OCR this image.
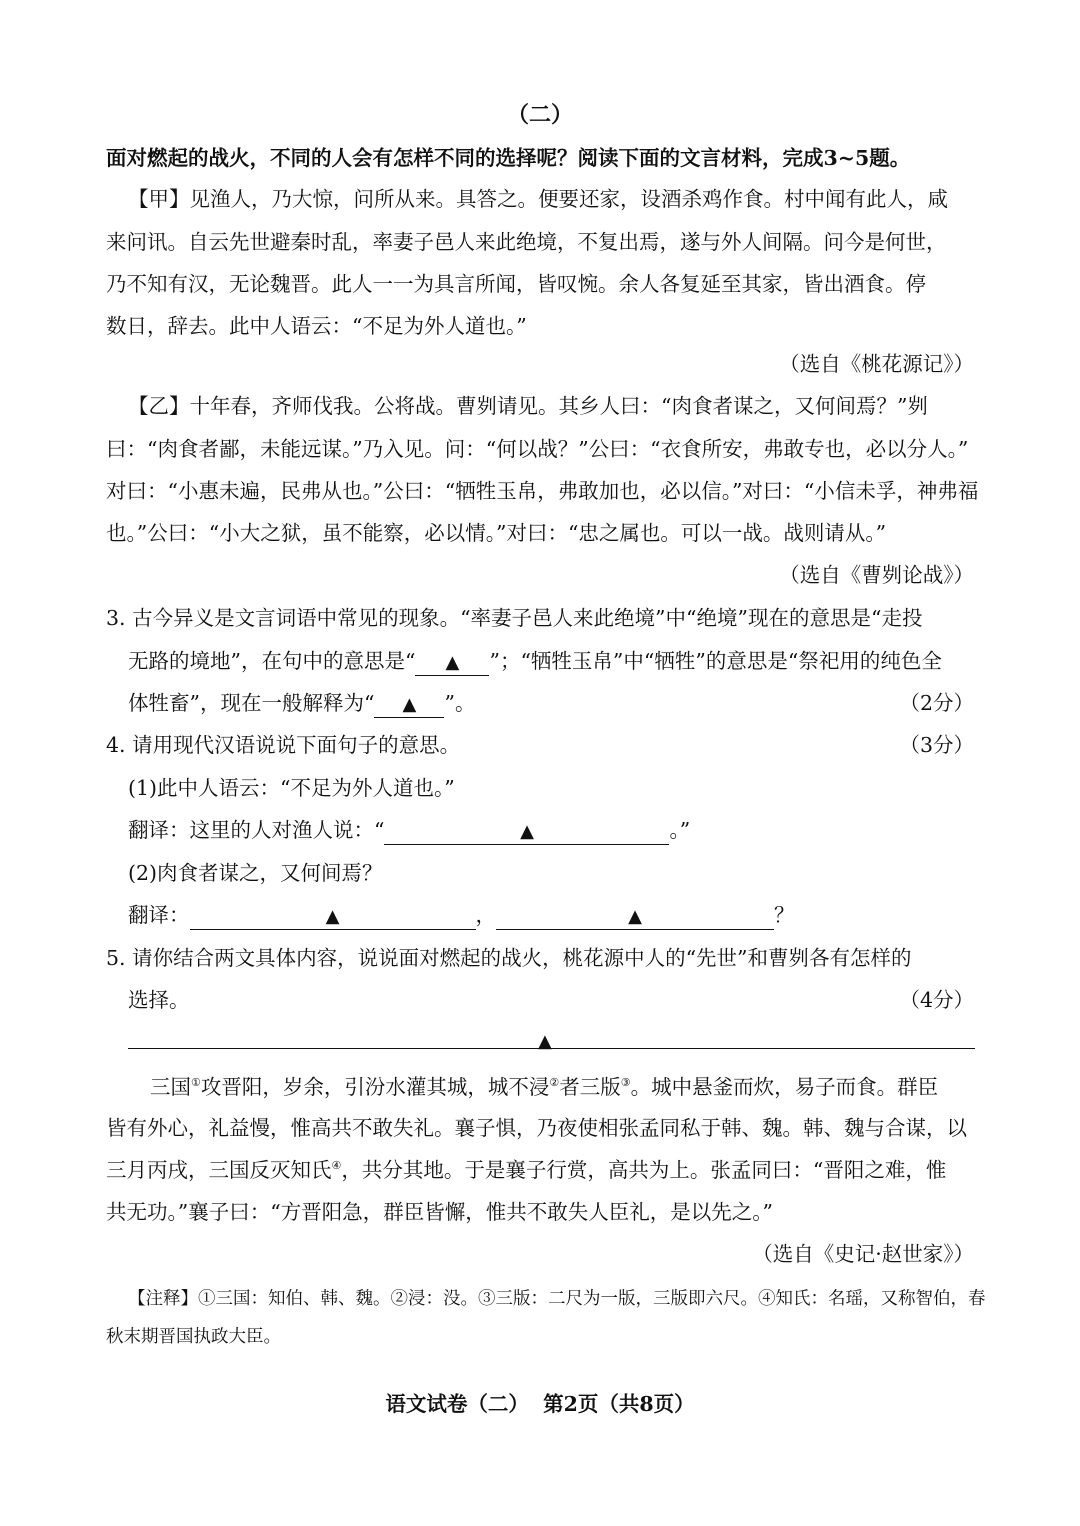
（二）
面对燃起的战火，不同的人会有怎样不同的选择呢？阅读下面的文言材料，完成3~5题。
【甲】见渔人，乃大惊，问所从来。具答之。便要还家，设酒杀鸡作食。村中闻有此人，咸
来问讯。自云先世避秦时乱，率妻子邑人来此绝境，不复出焉，遂与外人间隔。问今是何世，
乃不知有汉，无论魏晋。此人一一为具言所闻，皆叹惋。余人各复延至其家，皆出酒食。停
数日，辞去。此中人语云：“不足为外人道也。”
（选自《桃花源记》）
【乙】十年春，齐师伐我。公将战。曹刿请见。其乡人曰：“肉食者谋之，又何间焉？”刿
曰：“肉食者鄙，未能远谋。”乃入见。问：“何以战？”公曰：“衣食所安，弗敢专也，必以分人。”
对曰：“小惠未遍，民弗从也。”公曰：“牺牲玉帛，弗敢加也，必以信。”对曰：“小信未孚，神弗福
也。”公曰：“小大之狱，虽不能察，必以情。”对曰：“忠之属也。可以一战。战则请从。”
（选自《曹刿论战》）
3. 古今异义是文言词语中常见的现象。“率妻子邑人来此绝境”中“绝境”现在的意思是“走投
无路的境地”，在句中的意思是“ ▲ ”；“牺牲玉帛”中“牺牲”的意思是“祭祀用的纯色全
体牲畜”，现在一般解释为“ ▲ ”。	（2分）
4. 请用现代汉语说说下面句子的意思。	（3分）
(1)此中人语云：“不足为外人道也。”
翻译：这里的人对渔人说：“	▲	。”
(2)肉食者谋之，又何间焉？
翻译：	▲	，	▲	？
5. 请你结合两文具体内容，说说面对燃起的战火，桃花源中人的“先世”和曹刿各有怎样的
选择。	（4分）
▲
三国①攻晋阳，岁余，引汾水灌其城，城不浸②者三版③。城中悬釜而炊，易子而食。群臣
皆有外心，礼益慢，惟高共不敢失礼。襄子惧，乃夜使相张孟同私于韩、魏。韩、魏与合谋，以
三月丙戌，三国反灭知氏④，共分其地。于是襄子行赏，高共为上。张孟同曰：“晋阳之难，惟
共无功。”襄子曰：“方晋阳急，群臣皆懈，惟共不敢失人臣礼，是以先之。”
（选自《史记·赵世家》）
【注释】①三国：知伯、韩、魏。②浸：没。③三版：二尺为一版，三版即六尺。④知氏：名瑶，又称智伯，春
秋末期晋国执政大臣。
语文试卷（二）  第2页（共8页）
